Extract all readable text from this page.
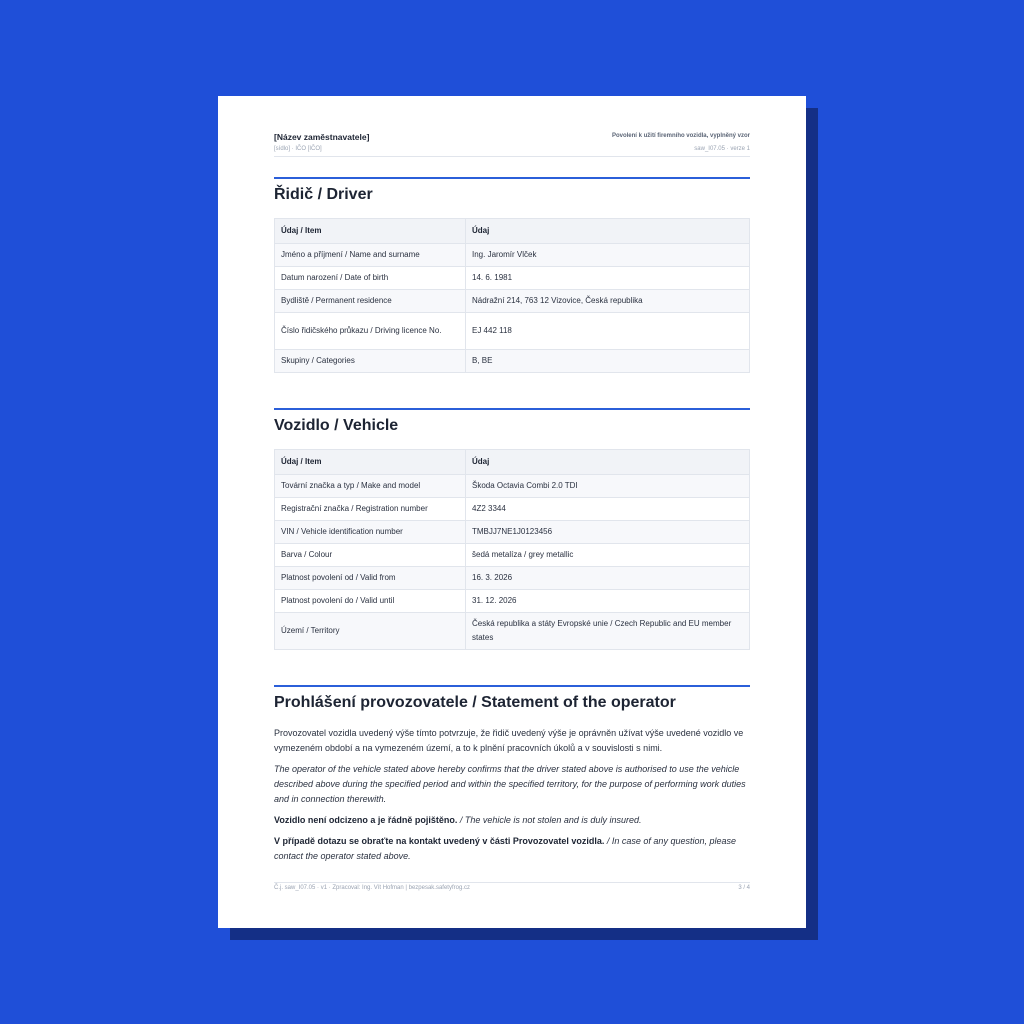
[Název zaměstnavatele]
[sídlo] · IČO [IČO]
Povolení k užití firemního vozidla, vyplněný vzor
saw_I07.05 · verze 1
Řidič / Driver
Údaj / Item	Údaj
Jméno a příjmení / Name and surname	Ing. Jaromír Vlček
Datum narození / Date of birth	14. 6. 1981
Bydliště / Permanent residence	Nádražní 214, 763 12 Vizovice, Česká republika
Číslo řidičského průkazu / Driving licence No.	EJ 442 118
Skupiny / Categories	B, BE
Vozidlo / Vehicle
Údaj / Item	Údaj
Tovární značka a typ / Make and model	Škoda Octavia Combi 2.0 TDI
Registrační značka / Registration number	4Z2 3344
VIN / Vehicle identification number	TMBJJ7NE1J0123456
Barva / Colour	šedá metalíza / grey metallic
Platnost povolení od / Valid from	16. 3. 2026
Platnost povolení do / Valid until	31. 12. 2026
Území / Territory	Česká republika a státy Evropské unie / Czech Republic and EU member states
Prohlášení provozovatele / Statement of the operator

Provozovatel vozidla uvedený výše tímto potvrzuje, že řidič uvedený výše je oprávněn užívat výše uvedené vozidlo ve vymezeném období a na vymezeném území, a to k plnění pracovních úkolů a v souvislosti s nimi.

The operator of the vehicle stated above hereby confirms that the driver stated above is authorised to use the vehicle described above during the specified period and within the specified territory, for the purpose of performing work duties and in connection therewith.

Vozidlo není odcizeno a je řádně pojištěno. / The vehicle is not stolen and is duly insured.

V případě dotazu se obraťte na kontakt uvedený v části Provozovatel vozidla. / In case of any question, please contact the operator stated above.

Č.j. saw_I07.05 · v1 · Zpracoval: Ing. Vít Hofman | bezpesak.safetyfrog.cz	3 / 4
